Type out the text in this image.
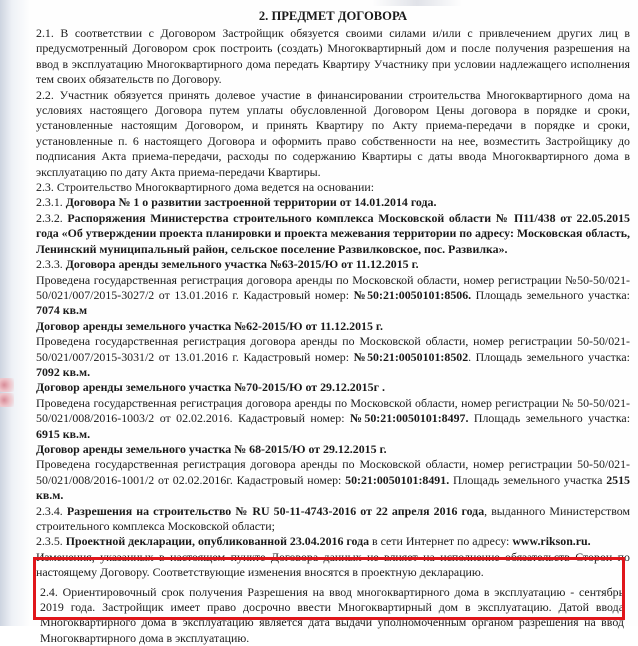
2. ПРЕДМЕТ ДОГОВОРА

2.1. В соответствии с Договором Застройщик обязуется своими силами и/или с привлечением других лиц в предусмотренный Договором срок построить (создать) Многоквартирный дом и после получения разрешения на ввод в эксплуатацию Многоквартирного дома передать Квартиру Участнику при условии надлежащего исполнения тем своих обязательств по Договору.

2.2. Участник обязуется принять долевое участие в финансировании строительства Многоквартирного дома на условиях настоящего Договора путем уплаты обусловленной Договором Цены договора в порядке и сроки, установленные настоящим Договором, и принять Квартиру по Акту приема-передачи в порядке и сроки, установленные п. 6 настоящего Договора и оформить право собственности на нее, возместить Застройщику до подписания Акта приема-передачи, расходы по содержанию Квартиры с даты ввода Многоквартирного дома в эксплуатацию по дату Акта приема-передачи Квартиры.

2.3. Строительство Многоквартирного дома ведется на основании:

2.3.1. Договора № 1 о развитии застроенной территории от 14.01.2014 года.

2.3.2. Распоряжения Министерства строительного комплекса Московской области № П11/438 от 22.05.2015 года «Об утверждении проекта планировки и проекта межевания территории по адресу: Московская область, Ленинский муниципальный район, сельское поселение Развилковское, пос. Развилка».

2.3.3. Договора аренды земельного участка №63-2015/Ю от 11.12.2015 г.

Проведена государственная регистрация договора аренды по Московской области, номер регистрации №50-50/021-50/021/007/2015-3027/2 от 13.01.2016 г. Кадастровый номер: №50:21:0050101:8506. Площадь земельного участка: 7074 кв.м

Договор аренды земельного участка №62-2015/Ю от 11.12.2015 г.

Проведена государственная регистрация договора аренды по Московской области, номер регистрации 50-50/021-50/021/007/2015-3031/2 от 13.01.2016 г. Кадастровый номер: №50:21:0050101:8502. Площадь земельного участка: 7092 кв.м.

Договор аренды земельного участка №70-2015/Ю от 29.12.2015г .

Проведена государственная регистрация договора аренды по Московской области, номер регистрации № 50-50/021-50/021/008/2016-1003/2 от 02.02.2016. Кадастровый номер: №50:21:0050101:8497. Площадь земельного участка: 6915 кв.м.

Договор аренды земельного участка № 68-2015/Ю от 29.12.2015 г.

Проведена государственная регистрация договора аренды по Московской области, номер регистрации 50-50/021-50/021/008/2016-1001/2 от 02.02.2016г. Кадастровый номер: 50:21:0050101:8491. Площадь земельного участка 2515 кв.м.

2.3.4. Разрешения на строительство № RU 50-11-4743-2016 от 22 апреля 2016 года, выданного Министерством строительного комплекса Московской области;

2.3.5. Проектной декларации, опубликованной 23.04.2016 года в сети Интернет по адресу: www.rikson.ru.

Изменения, указанных в настоящем пункте Договора данных не влияет на исполнение обязательств Сторон по настоящему Договору. Соответствующие изменения вносятся в проектную декларацию.

2.4. Ориентировочный срок получения Разрешения на ввод многоквартирного дома в эксплуатацию - сентябрь 2019 года. Застройщик имеет право досрочно ввести Многоквартирный дом в эксплуатацию. Датой ввода Многоквартирного дома в эксплуатацию является дата выдачи уполномоченным органом разрешения на ввод Многоквартирного дома в эксплуатацию.
